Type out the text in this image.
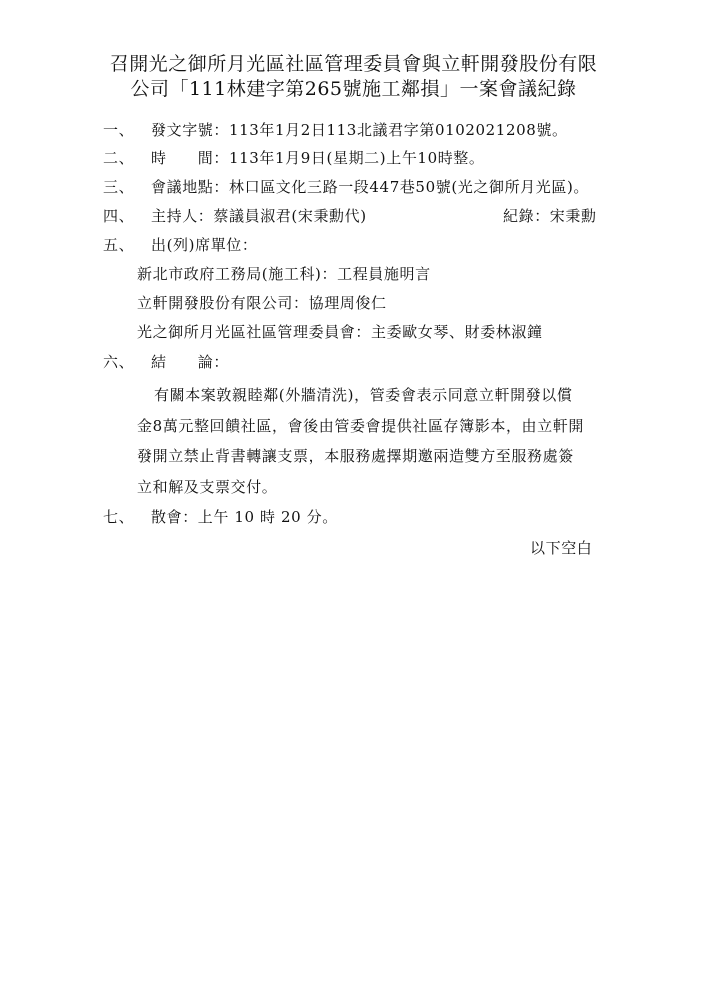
召開光之御所月光區社區管理委員會與立軒開發股份有限
公司「111林建字第265號施工鄰損」一案會議紀錄
一、 發文字號：113年1月2日113北議君字第0102021208號。
二、 時　　間：113年1月9日(星期二)上午10時整。
三、 會議地點：林口區文化三路一段447巷50號(光之御所月光區)。
四、 主持人：蔡議員淑君(宋秉勳代)	紀錄：宋秉勳
五、 出(列)席單位：
新北市政府工務局(施工科)：工程員施明言
立軒開發股份有限公司：協理周俊仁
光之御所月光區社區管理委員會：主委歐女琴、財委林淑鐘
六、 結　　論：
有關本案敦親睦鄰(外牆清洗)，管委會表示同意立軒開發以償
金8萬元整回饋社區，會後由管委會提供社區存簿影本，由立軒開
發開立禁止背書轉讓支票，本服務處擇期邀兩造雙方至服務處簽
立和解及支票交付。
七、 散會：上午 10 時 20 分。
以下空白
